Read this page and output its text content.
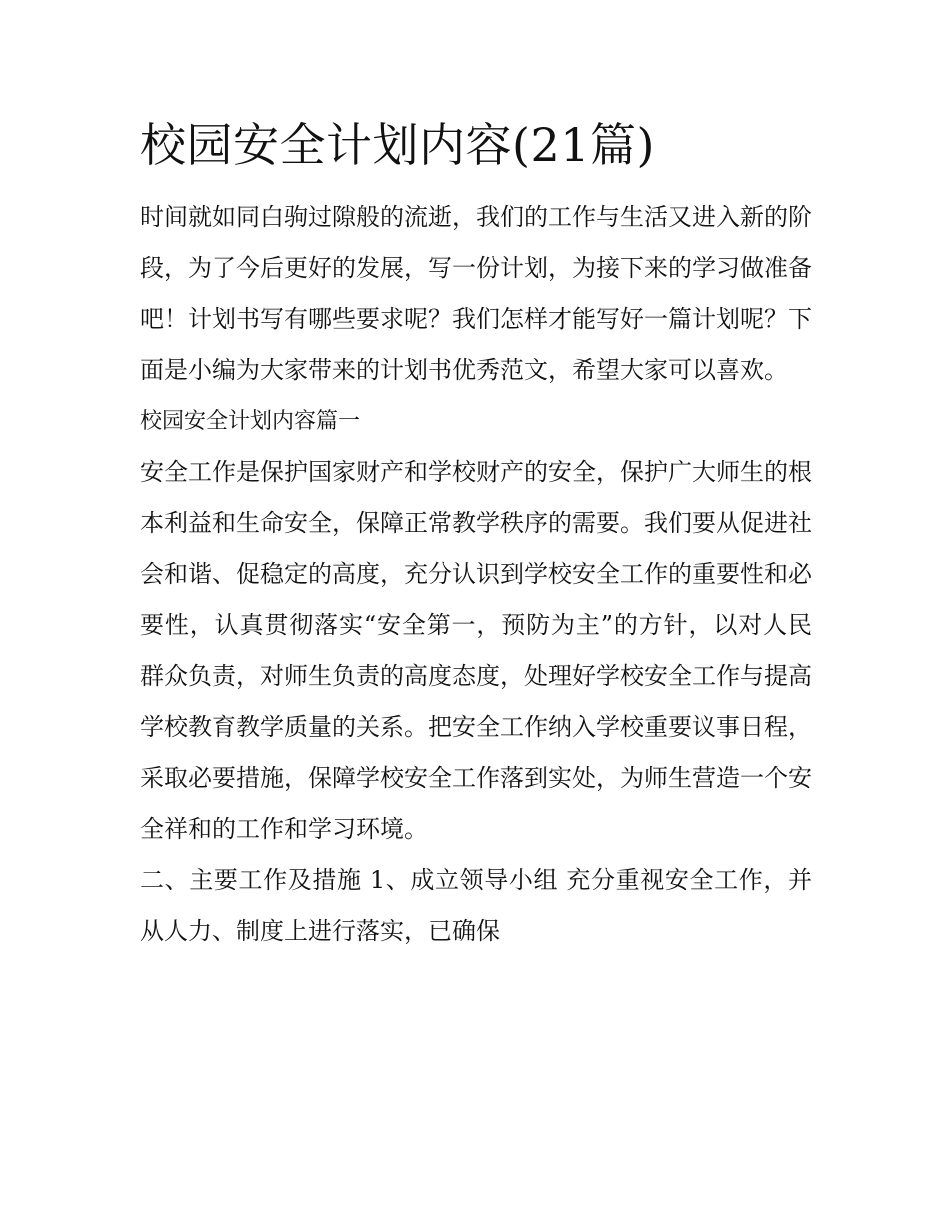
校园安全计划内容(21篇)

时间就如同白驹过隙般的流逝，我们的工作与生活又进入新的阶段，为了今后更好的发展，写一份计划，为接下来的学习做准备吧！计划书写有哪些要求呢？我们怎样才能写好一篇计划呢？下面是小编为大家带来的计划书优秀范文，希望大家可以喜欢。

校园安全计划内容篇一

安全工作是保护国家财产和学校财产的安全，保护广大师生的根本利益和生命安全，保障正常教学秩序的需要。我们要从促进社会和谐、促稳定的高度，充分认识到学校安全工作的重要性和必要性，认真贯彻落实“安全第一，预防为主”的方针，以对人民群众负责，对师生负责的高度态度，处理好学校安全工作与提高学校教育教学质量的关系。把安全工作纳入学校重要议事日程，采取必要措施，保障学校安全工作落到实处，为师生营造一个安全祥和的工作和学习环境。

二、主要工作及措施 1、成立领导小组 充分重视安全工作，并从人力、制度上进行落实，已确保
